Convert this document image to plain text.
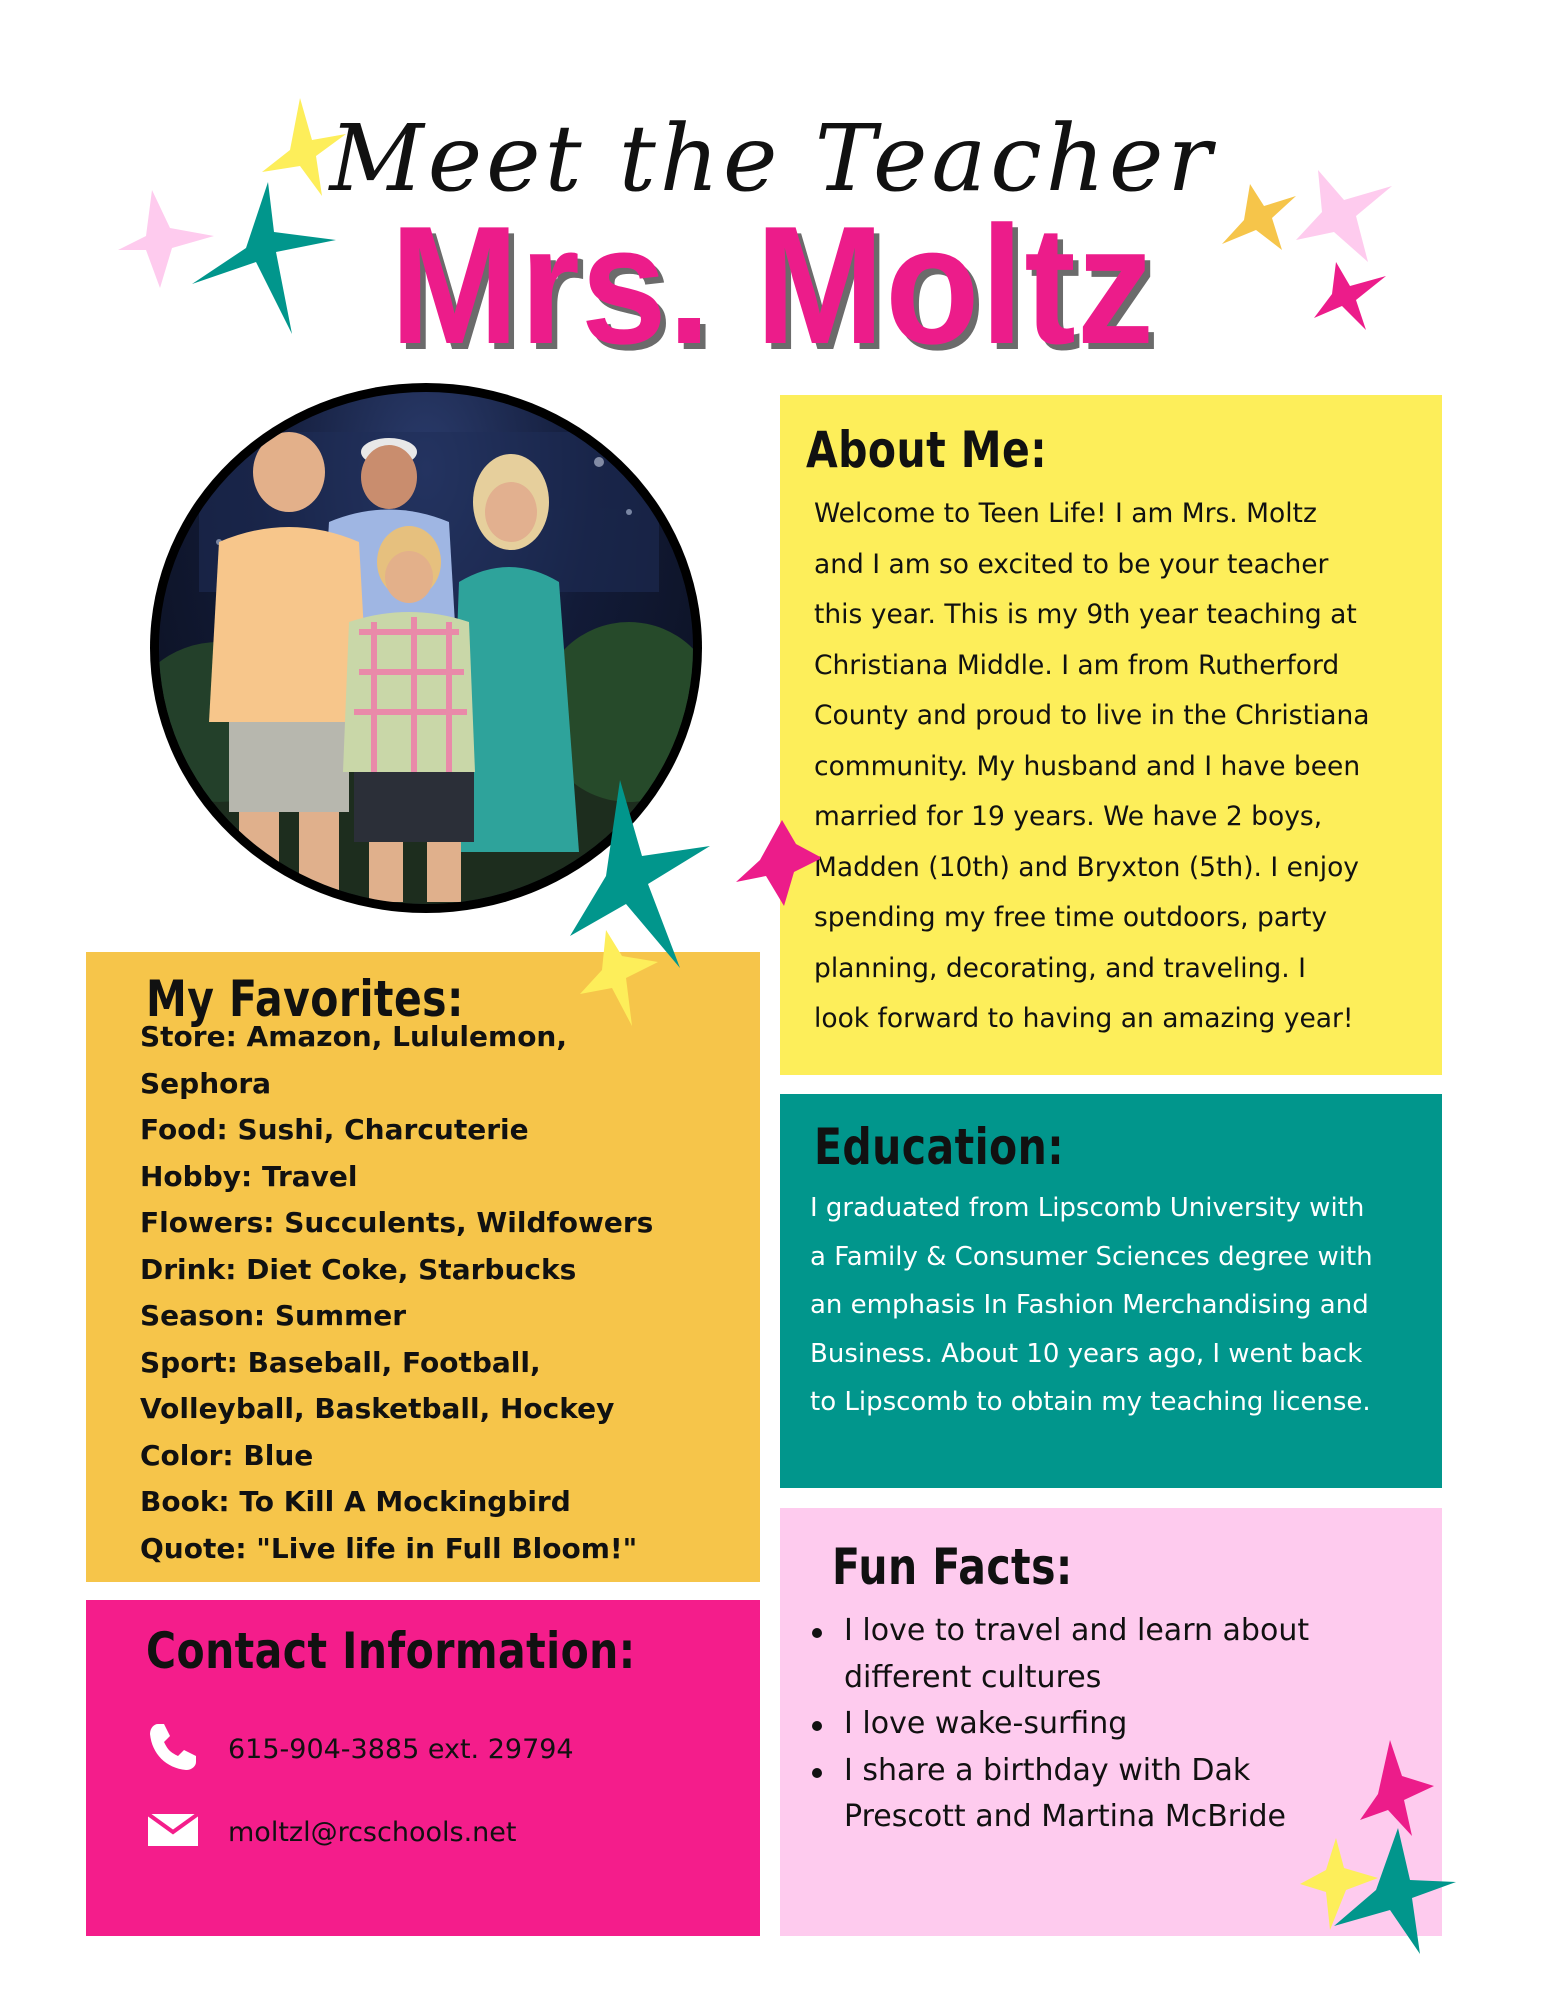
Meet the Teacher
Mrs. Moltz
About Me:
Welcome to Teen Life! I am Mrs. Moltz
and I am so excited to be your teacher
this year. This is my 9th year teaching at
Christiana Middle. I am from Rutherford
County and proud to live in the Christiana
community. My husband and I have been
married for 19 years. We have 2 boys,
Madden (10th) and Bryxton (5th). I enjoy
spending my free time outdoors, party
planning, decorating, and traveling. I
look forward to having an amazing year!
Education:
I graduated from Lipscomb University with
a Family & Consumer Sciences degree with
an emphasis In Fashion Merchandising and
Business. About 10 years ago, I went back
to Lipscomb to obtain my teaching license.
Fun Facts:
I love to travel and learn about
different cultures
I love wake-surfing
I share a birthday with Dak
Prescott and Martina McBride
My Favorites:
Store: Amazon, Lululemon,
Sephora
Food: Sushi, Charcuterie
Hobby: Travel
Flowers: Succulents, Wildfowers
Drink: Diet Coke, Starbucks
Season: Summer
Sport: Baseball, Football,
Volleyball, Basketball, Hockey
Color: Blue
Book: To Kill A Mockingbird
Quote: "Live life in Full Bloom!"
Contact Information:
615-904-3885 ext. 29794
moltzl@rcschools.net
